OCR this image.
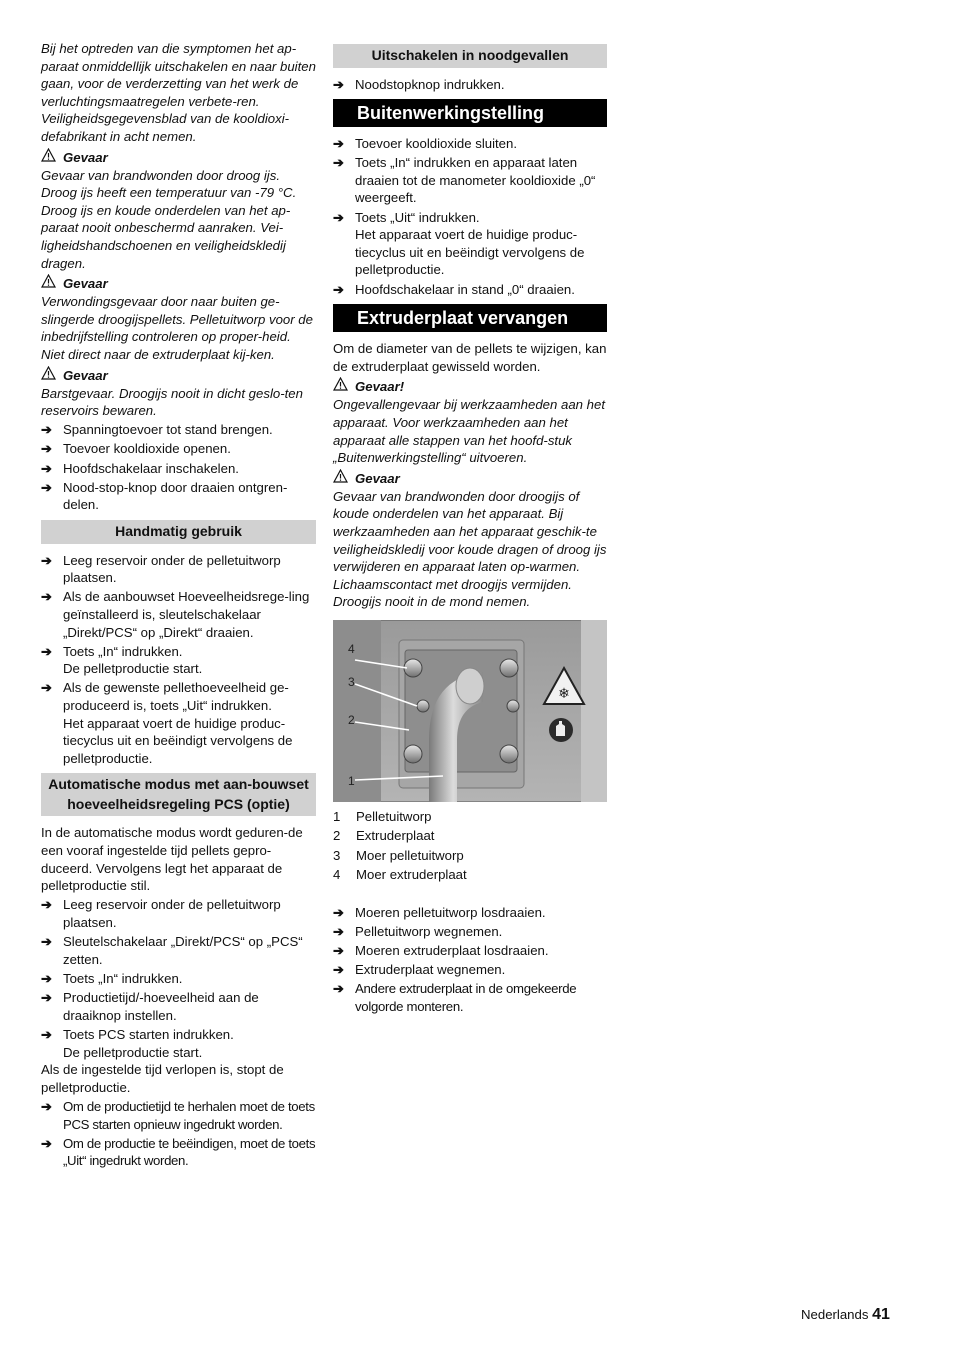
Bij het optreden van die symptomen het ap-paraat onmiddellijk uitschakelen en naar buiten gaan, voor de verderzetting van het werk de verluchtingsmaatregelen verbete-ren.

Veiligheidsgegevensblad van de kooldioxi-defabrikant in acht nemen.

Gevaar

Gevaar van brandwonden door droog ijs. Droog ijs heeft een temperatuur van -79 °C. Droog ijs en koude onderdelen van het ap-paraat nooit onbeschermd aanraken. Vei-ligheidshandschoenen en veiligheidskledij dragen.

Gevaar

Verwondingsgevaar door naar buiten ge-slingerde droogijspellets. Pelletuitworp voor de inbedrijfstelling controleren op proper-heid. Niet direct naar de extruderplaat kij-ken.

Gevaar

Barstgevaar. Droogijs nooit in dicht geslo-ten reservoirs bewaren.

➔ Spanningtoevoer tot stand brengen.
➔ Toevoer kooldioxide openen.
➔ Hoofdschakelaar inschakelen.
➔ Nood-stop-knop door draaien ontgren-delen.
Handmatig gebruik
➔ Leeg reservoir onder de pelletuitworp plaatsen.
➔ Als de aanbouwset Hoeveelheidsrege-ling geïnstalleerd is, sleutelschakelaar „Direkt/PCS“ op „Direkt“ draaien.
➔ Toets „In“ indrukken.

De pelletproductie start.

➔ Als de gewenste pellethoeveelheid ge-produceerd is, toets „Uit“ indrukken.

Het apparaat voert de huidige produc-tiecyclus uit en beëindigt vervolgens de pelletproductie.

Automatische modus met aan-bouwset hoeveelheidsregeling PCS (optie)

In de automatische modus wordt geduren-de een vooraf ingestelde tijd pellets gepro-duceerd. Vervolgens legt het apparaat de pelletproductie stil.

➔ Leeg reservoir onder de pelletuitworp plaatsen.
➔ Sleutelschakelaar „Direkt/PCS“ op „PCS“ zetten.
➔ Toets „In“ indrukken.
➔ Productietijd/-hoeveelheid aan de draaiknop instellen.
➔ Toets PCS starten indrukken.

De pelletproductie start.

Als de ingestelde tijd verlopen is, stopt de pelletproductie.

➔ Om de productietijd te herhalen moet de toets PCS starten opnieuw ingedrukt worden.
➔ Om de productie te beëindigen, moet de toets „Uit“ ingedrukt worden.
Uitschakelen in noodgevallen
➔ Noodstopknop indrukken.
Buitenwerkingstelling
➔ Toevoer kooldioxide sluiten.
➔ Toets „In“ indrukken en apparaat laten draaien tot de manometer kooldioxide „0“ weergeeft.
➔ Toets „Uit“ indrukken.

Het apparaat voert de huidige produc-tiecyclus uit en beëindigt vervolgens de pelletproductie.

➔ Hoofdschakelaar in stand „0“ draaien.
Extruderplaat vervangen

Om de diameter van de pellets te wijzigen, kan de extruderplaat gewisseld worden.

Gevaar!

Ongevallengevaar bij werkzaamheden aan het apparaat. Voor werkzaamheden aan het apparaat alle stappen van het hoofd-stuk „Buitenwerkingstelling“ uitvoeren.

Gevaar

Gevaar van brandwonden door droogijs of koude onderdelen van het apparaat. Bij werkzaamheden aan het apparaat geschik-te veiligheidskledij voor koude dragen of droog ijs verwijderen en apparaat laten op-warmen.

Lichaamscontact met droogijs vermijden. Droogijs nooit in de mond nemen.

❄
4
3
2
1
1	Pelletuitworp
2	Extruderplaat
3	Moer pelletuitworp
4	Moer extruderplaat
➔ Moeren pelletuitworp losdraaien.
➔ Pelletuitworp wegnemen.
➔ Moeren extruderplaat losdraaien.
➔ Extruderplaat wegnemen.
➔ Andere extruderplaat in de omgekeerde volgorde monteren.
Nederlands 41
